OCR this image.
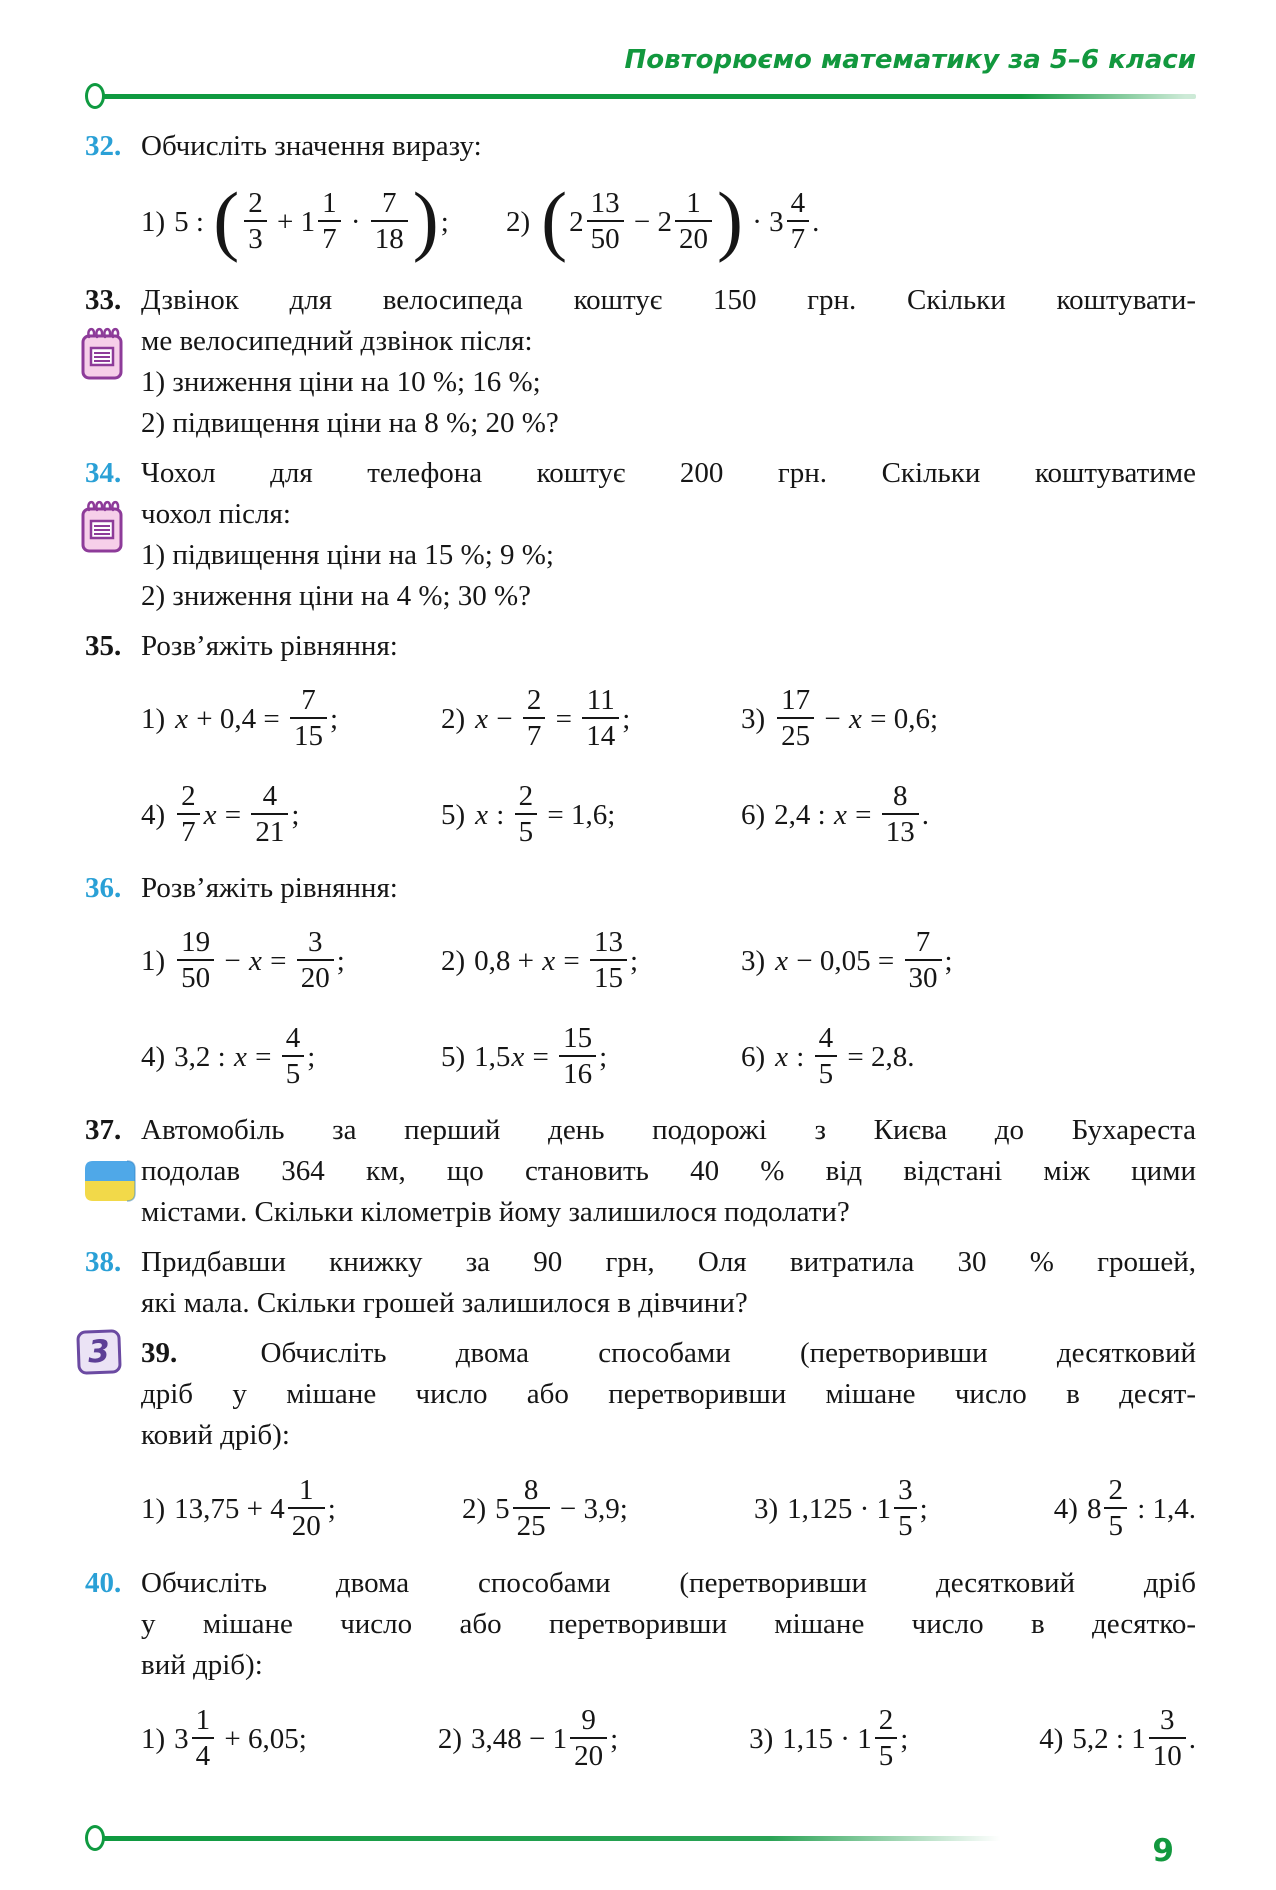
Повторюємо математику за 5–6 класи
32. Обчисліть значення виразу:
1) 5 : ( $\frac{2}{3} + 1 \frac{1}{7} \cdot \frac{7}{18}$ ) ; 2) ( $2 \frac{13}{50} - 2 \frac{1}{20}$ ) · $3 \frac{4}{7}$ .
33. Дзвінок для велосипеда коштує 150 грн. Скільки коштувати-
ме велосипедний дзвінок після:
1) зниження ціни на 10 %; 16 %;
2) підвищення ціни на 8 %; 20 %?
34. Чохол для телефона коштує 200 грн. Скільки коштуватиме
чохол після:
1) підвищення ціни на 15 %; 9 %;
2) зниження ціни на 4 %; 30 %?
35. Розв’яжіть рівняння:
1) $x + 0,4 = \frac{7}{15}$ ;	2) $x - \frac{2}{7} = \frac{11}{14}$ ;	$3) \frac{17}{25} - x = 0,6$;
$4) \frac{2}{7}$ $x = \frac{4}{21}$ ;	5) x : $\frac{2}{5} = 1,6$;	6) 2,4 : $x = \frac{8}{13}$ .
36. Розв’яжіть рівняння:
$1) \frac{19}{50} - x = \frac{3}{20}$ ;	2) $0,8 + x = \frac{13}{15}$ ;	3) $x - 0,05 = \frac{7}{30}$ ;
4) 3,2 : $x = \frac{4}{5}$ ;	5) 1,5 $x = \frac{15}{16}$ ;	6) x : $\frac{4}{5} = 2,8$.
37. Автомобіль за перший день подорожі з Києва до Бухареста
подолав 364 км, що становить 40 % від відстані між цими
містами. Скільки кілометрів йому залишилося подолати?
38. Придбавши книжку за 90 грн, Оля витратила 30 % грошей,
які мала. Скільки грошей залишилося в дівчини?
3	39.	Обчисліть двома способами (перетворивши десятковий
дріб у мішане число або перетворивши мішане число в десят-
ковий дріб):
1) $13,75 + 4 \frac{1}{20}$ ;	2) $5 \frac{8}{25} - 3,9$;	3) $1,125 \cdot 1 \frac{3}{5}$ ;	4) $8 \frac{2}{5}$ : 1,4.
40. Обчисліть двома способами (перетворивши десятковий дріб
у мішане число або перетворивши мішане число в десятко-
вий дріб):
1) $3 \frac{1}{4} + 6,05$;	2) $3,48 - 1 \frac{9}{20}$ ;	3) $1,15 \cdot 1 \frac{2}{5}$ ;	4) 5,2 : $1 \frac{3}{10}$ .
9
